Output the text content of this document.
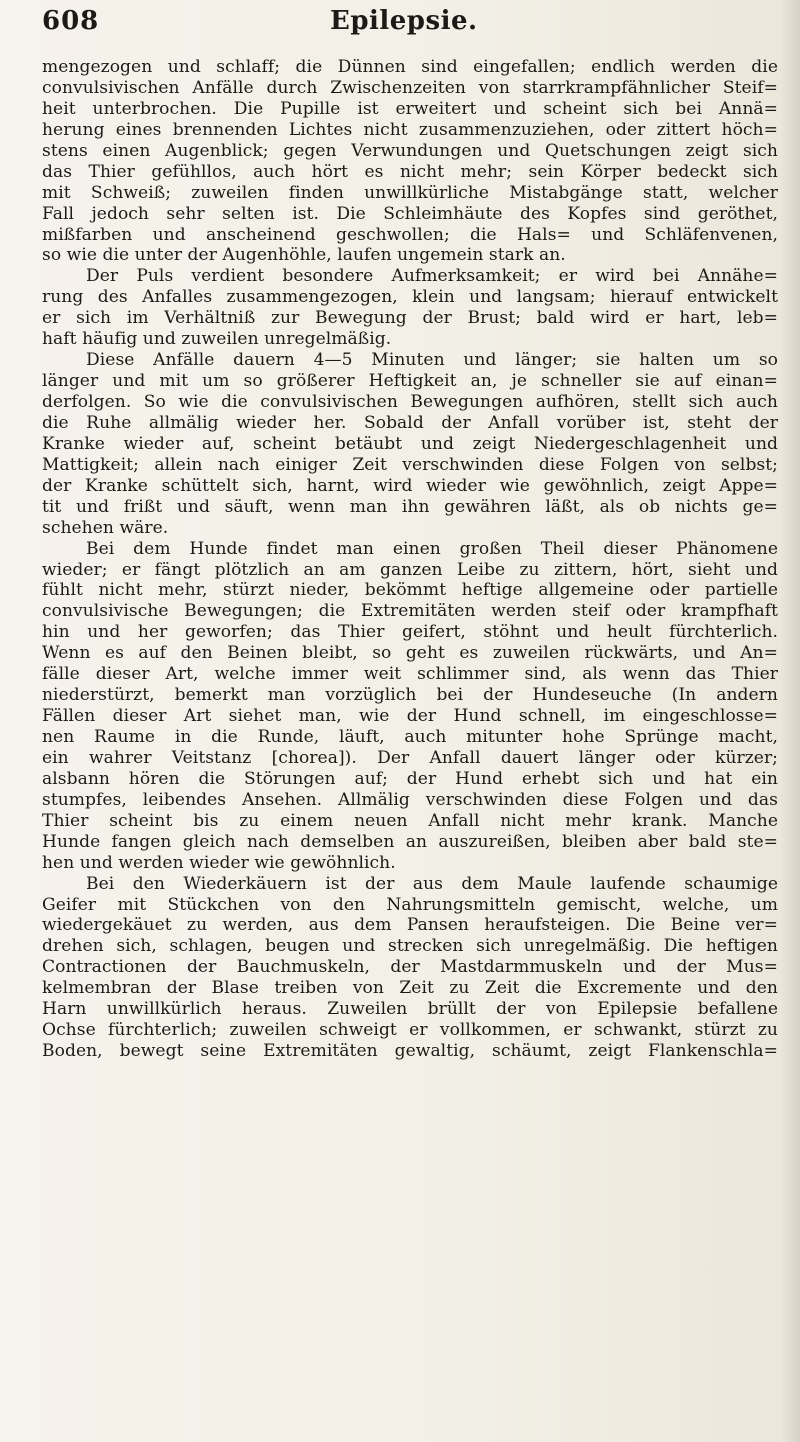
608	Epilepsie.
mengezogen und schlaff; die Dünnen sind eingefallen; endlich werden die
convulsivischen Anfälle durch Zwischenzeiten von starrkrampfähnlicher Steif=
heit unterbrochen. Die Pupille ist erweitert und scheint sich bei Annä=
herung eines brennenden Lichtes nicht zusammenzuziehen, oder zittert höch=
stens einen Augenblick; gegen Verwundungen und Quetschungen zeigt sich
das Thier gefühllos, auch hört es nicht mehr; sein Körper bedeckt sich
mit Schweiß; zuweilen finden unwillkürliche Mistabgänge statt, welcher
Fall jedoch sehr selten ist. Die Schleimhäute des Kopfes sind geröthet,
mißfarben und anscheinend geschwollen; die Hals= und Schläfenvenen,
so wie die unter der Augenhöhle, laufen ungemein stark an.
Der Puls verdient besondere Aufmerksamkeit; er wird bei Annähe=
rung des Anfalles zusammengezogen, klein und langsam; hierauf entwickelt
er sich im Verhältniß zur Bewegung der Brust; bald wird er hart, leb=
haft häufig und zuweilen unregelmäßig.
Diese Anfälle dauern 4—5 Minuten und länger; sie halten um so
länger und mit um so größerer Heftigkeit an, je schneller sie auf einan=
derfolgen. So wie die convulsivischen Bewegungen aufhören, stellt sich auch
die Ruhe allmälig wieder her. Sobald der Anfall vorüber ist, steht der
Kranke wieder auf, scheint betäubt und zeigt Niedergeschlagenheit und
Mattigkeit; allein nach einiger Zeit verschwinden diese Folgen von selbst;
der Kranke schüttelt sich, harnt, wird wieder wie gewöhnlich, zeigt Appe=
tit und frißt und säuft, wenn man ihn gewähren läßt, als ob nichts ge=
schehen wäre.
Bei dem Hunde findet man einen großen Theil dieser Phänomene
wieder; er fängt plötzlich an am ganzen Leibe zu zittern, hört, sieht und
fühlt nicht mehr, stürzt nieder, bekömmt heftige allgemeine oder partielle
convulsivische Bewegungen; die Extremitäten werden steif oder krampfhaft
hin und her geworfen; das Thier geifert, stöhnt und heult fürchterlich.
Wenn es auf den Beinen bleibt, so geht es zuweilen rückwärts, und An=
fälle dieser Art, welche immer weit schlimmer sind, als wenn das Thier
niederstürzt, bemerkt man vorzüglich bei der Hundeseuche (In andern
Fällen dieser Art siehet man, wie der Hund schnell, im eingeschlosse=
nen Raume in die Runde, läuft, auch mitunter hohe Sprünge macht,
ein wahrer Veitstanz [chorea]). Der Anfall dauert länger oder kürzer;
alsbann hören die Störungen auf; der Hund erhebt sich und hat ein
stumpfes, leibendes Ansehen. Allmälig verschwinden diese Folgen und das
Thier scheint bis zu einem neuen Anfall nicht mehr krank. Manche
Hunde fangen gleich nach demselben an auszureißen, bleiben aber bald ste=
hen und werden wieder wie gewöhnlich.
Bei den Wiederkäuern ist der aus dem Maule laufende schaumige
Geifer mit Stückchen von den Nahrungsmitteln gemischt, welche, um
wiedergekäuet zu werden, aus dem Pansen heraufsteigen. Die Beine ver=
drehen sich, schlagen, beugen und strecken sich unregelmäßig. Die heftigen
Contractionen der Bauchmuskeln, der Mastdarmmuskeln und der Mus=
kelmembran der Blase treiben von Zeit zu Zeit die Excremente und den
Harn unwillkürlich heraus. Zuweilen brüllt der von Epilepsie befallene
Ochse fürchterlich; zuweilen schweigt er vollkommen, er schwankt, stürzt zu
Boden, bewegt seine Extremitäten gewaltig, schäumt, zeigt Flankenschla=
